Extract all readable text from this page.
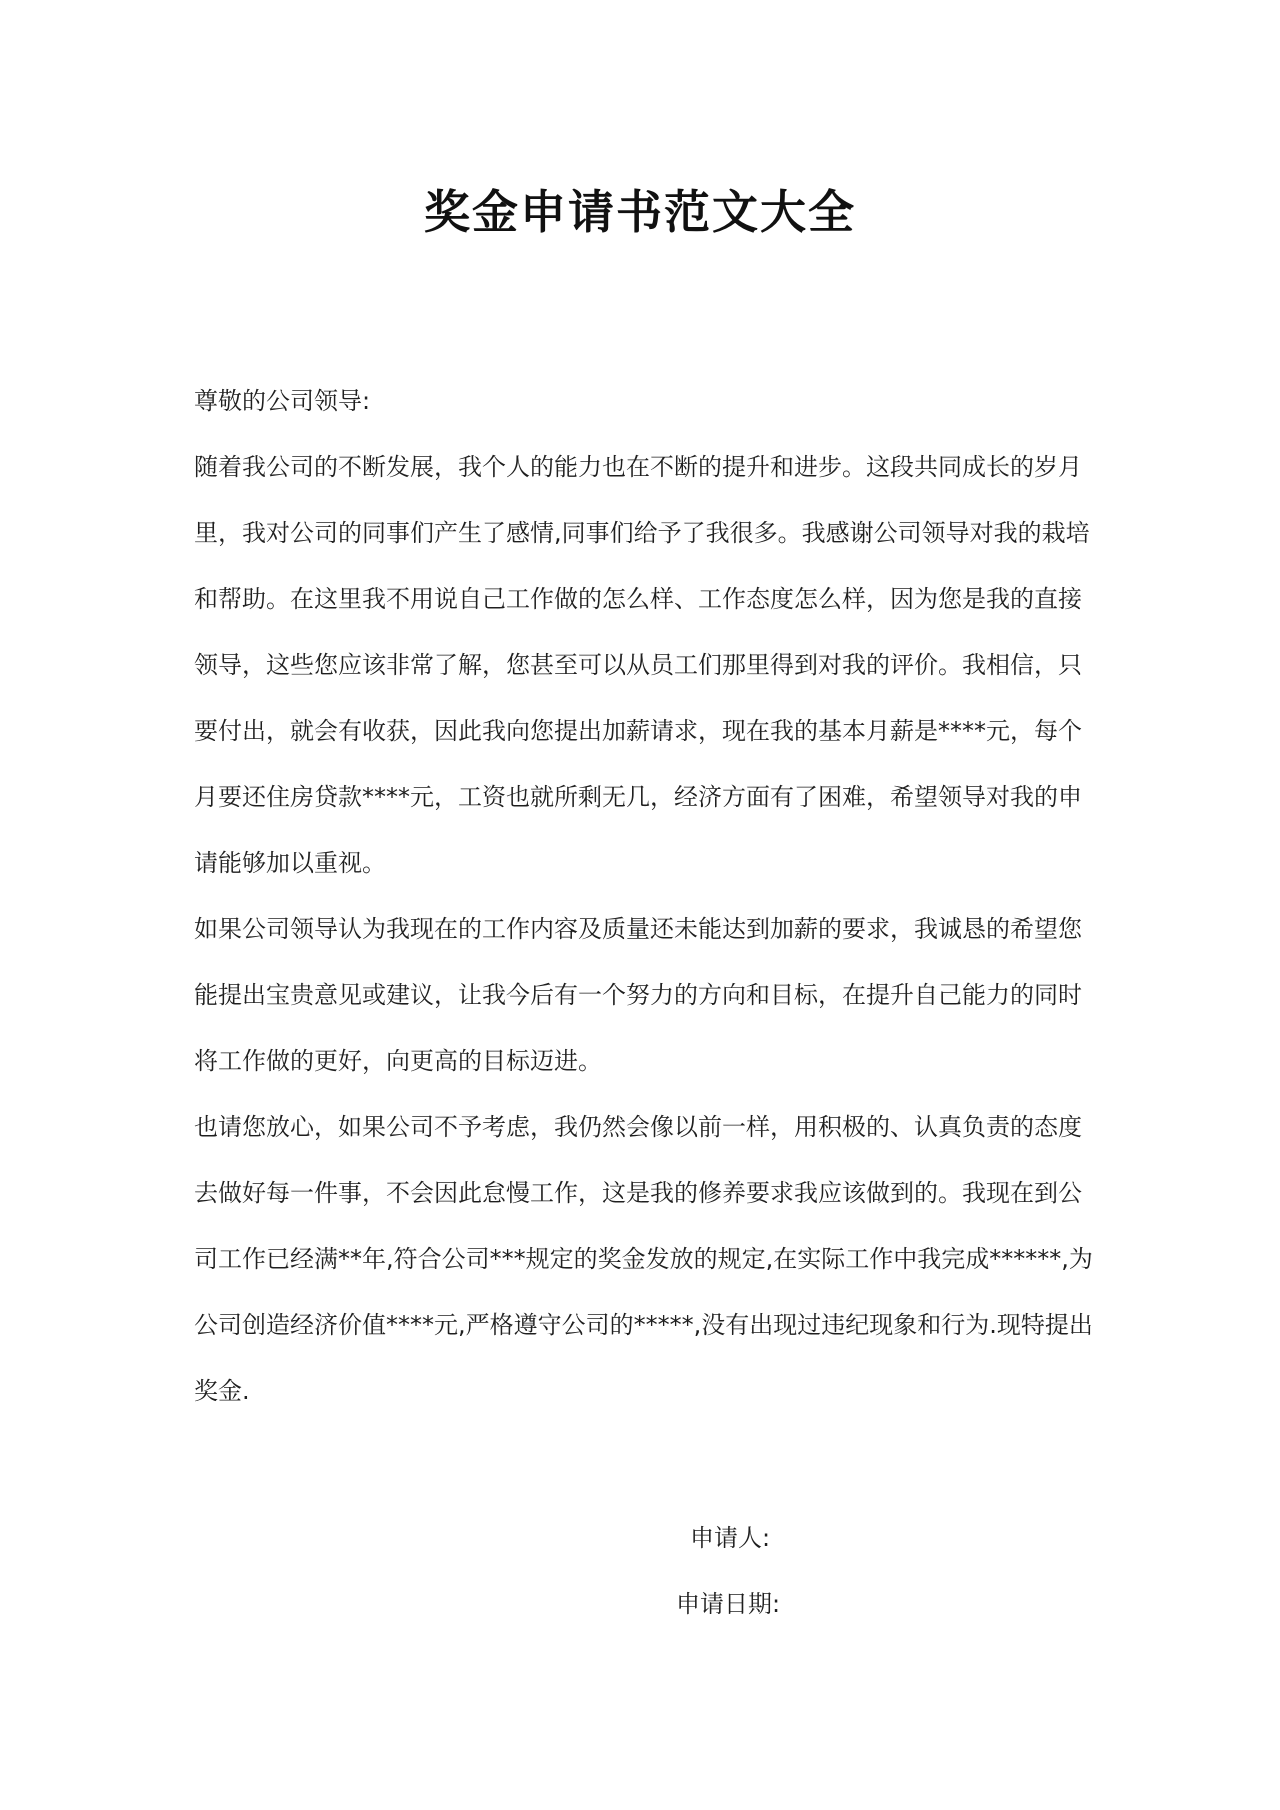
奖金申请书范文大全

尊敬的公司领导:

随着我公司的不断发展，我个人的能力也在不断的提升和进步。这段共同成长的岁月里，我对公司的同事们产生了感情,同事们给予了我很多。我感谢公司领导对我的栽培和帮助。在这里我不用说自己工作做的怎么样、工作态度怎么样，因为您是我的直接领导，这些您应该非常了解，您甚至可以从员工们那里得到对我的评价。我相信，只要付出，就会有收获，因此我向您提出加薪请求，现在我的基本月薪是****元，每个月要还住房贷款****元，工资也就所剩无几，经济方面有了困难，希望领导对我的申请能够加以重视。

如果公司领导认为我现在的工作内容及质量还未能达到加薪的要求，我诚恳的希望您能提出宝贵意见或建议，让我今后有一个努力的方向和目标，在提升自己能力的同时将工作做的更好，向更高的目标迈进。

也请您放心，如果公司不予考虑，我仍然会像以前一样，用积极的、认真负责的态度去做好每一件事，不会因此怠慢工作，这是我的修养要求我应该做到的。我现在到公司工作已经满**年,符合公司***规定的奖金发放的规定,在实际工作中我完成******,为公司创造经济价值****元,严格遵守公司的*****,没有出现过违纪现象和行为.现特提出奖金.

申请人:

申请日期:
